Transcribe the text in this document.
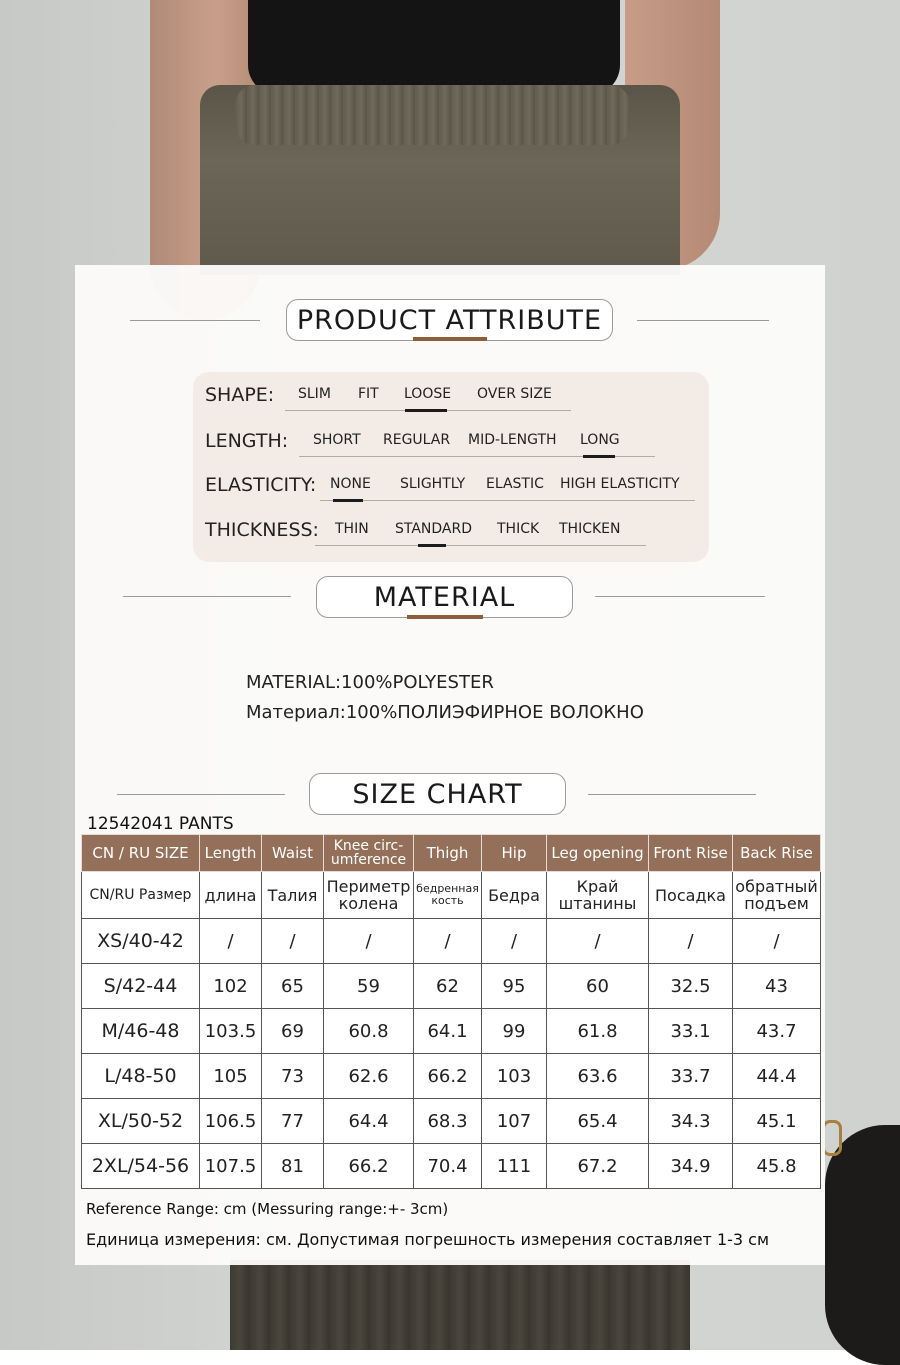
PRODUCT ATTRIBUTE
SHAPE: SLIM FIT LOOSE OVER SIZE
LENGTH: SHORT REGULAR MID-LENGTH LONG
ELASTICITY: NONE SLIGHTLY ELASTIC HIGH ELASTICITY
THICKNESS: THIN STANDARD THICK THICKEN
MATERIAL
MATERIAL:100%POLYESTER
Материал:100%ПОЛИЭФИРНОЕ ВОЛОКНО
SIZE CHART
12542041 PANTS
CN / RU SIZE	Length	Waist	Knee circ-umference	Thigh	Hip	Leg opening	Front Rise	Back Rise
CN/RU Размер	длина	Талия	Периметр колена	бедренная кость	Бедра	Край штанины	Посадка	обратный подъем
XS/40-42	/	/	/	/	/	/	/	/
S/42-44	102	65	59	62	95	60	32.5	43
M/46-48	103.5	69	60.8	64.1	99	61.8	33.1	43.7
L/48-50	105	73	62.6	66.2	103	63.6	33.7	44.4
XL/50-52	106.5	77	64.4	68.3	107	65.4	34.3	45.1
2XL/54-56	107.5	81	66.2	70.4	111	67.2	34.9	45.8
Reference Range: cm (Messuring range:+- 3cm)
Единица измерения: см. Допустимая погрешность измерения составляет 1-3 см
